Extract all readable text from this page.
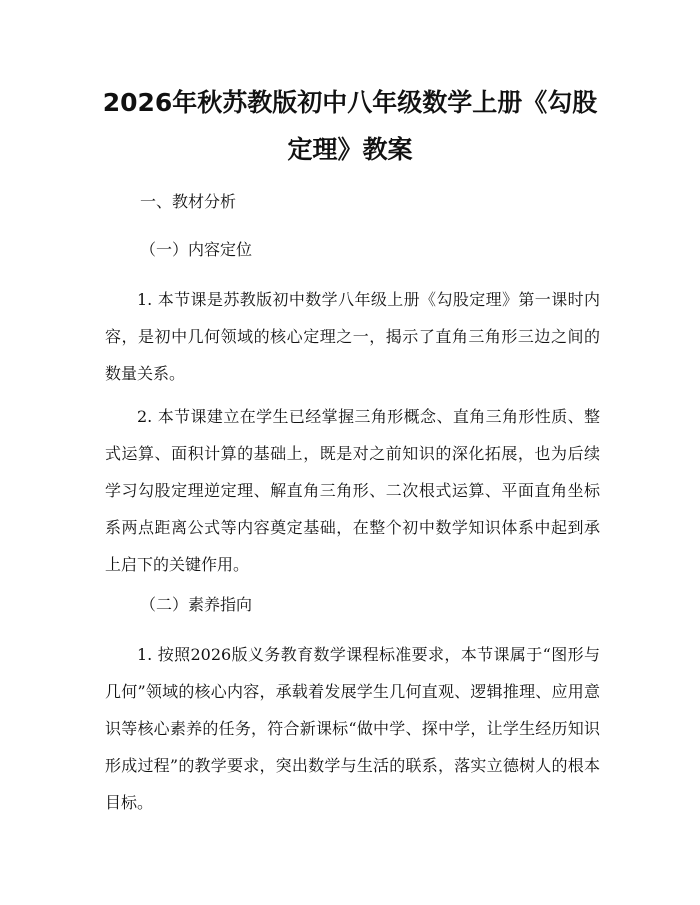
2026年秋苏教版初中八年级数学上册《勾股
定理》教案
一、教材分析
（一）内容定位
1. 本节课是苏教版初中数学八年级上册《勾股定理》第一课时内容，是初中几何领域的核心定理之一，揭示了直角三角形三边之间的数量关系。
2. 本节课建立在学生已经掌握三角形概念、直角三角形性质、整式运算、面积计算的基础上，既是对之前知识的深化拓展，也为后续学习勾股定理逆定理、解直角三角形、二次根式运算、平面直角坐标系两点距离公式等内容奠定基础，在整个初中数学知识体系中起到承上启下的关键作用。
（二）素养指向
1. 按照2026版义务教育数学课程标准要求，本节课属于“图形与几何”领域的核心内容，承载着发展学生几何直观、逻辑推理、应用意识等核心素养的任务，符合新课标“做中学、探中学，让学生经历知识形成过程”的教学要求，突出数学与生活的联系，落实立德树人的根本目标。
